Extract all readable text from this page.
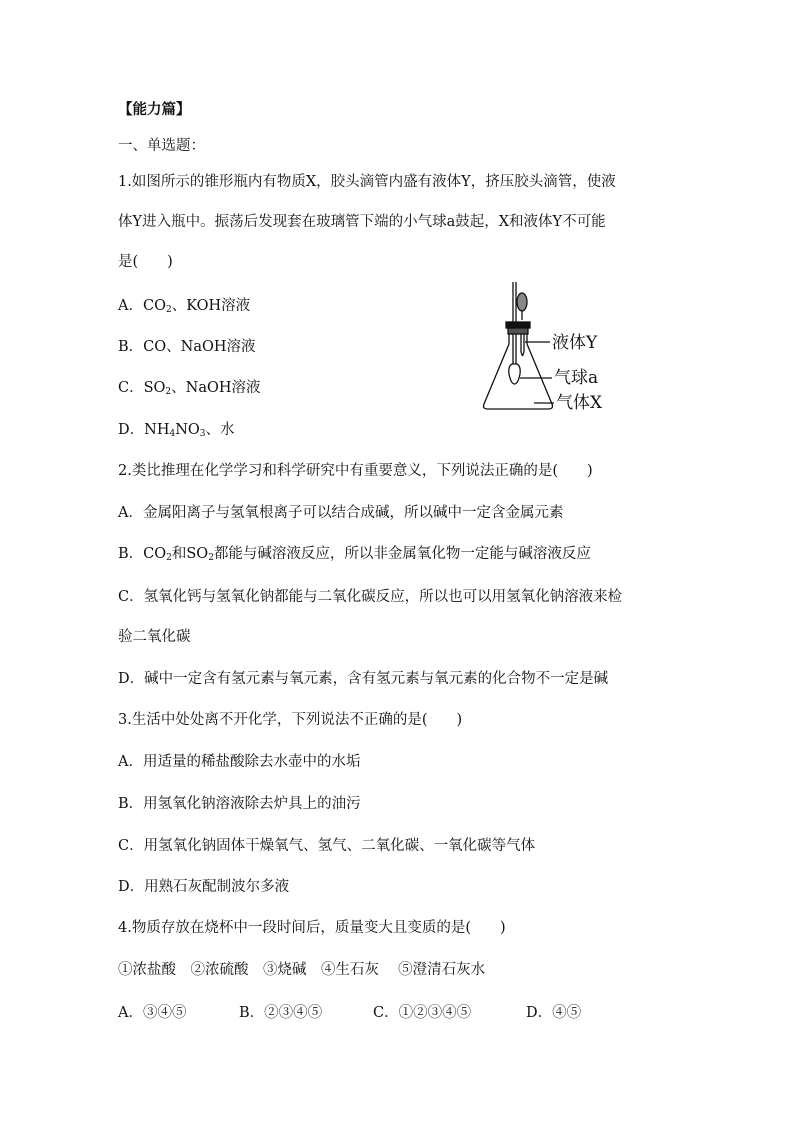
【能力篇】
一、单选题：
1.如图所示的锥形瓶内有物质X，胶头滴管内盛有液体Y，挤压胶头滴管，使液
体Y进入瓶中。振荡后发现套在玻璃管下端的小气球a鼓起，X和液体Y不可能
是(　　)
A．$CO_2$、KOH溶液
B．CO、NaOH溶液
C．$SO_2$、NaOH溶液
D．$NH_4NO_3$、水
液体Y
气球a
气体X
2.类比推理在化学学习和科学研究中有重要意义，下列说法正确的是(　　)
A．金属阳离子与氢氧根离子可以结合成碱，所以碱中一定含金属元素
B．$CO_2$和$SO_2$都能与碱溶液反应，所以非金属氧化物一定能与碱溶液反应
C．氢氧化钙与氢氧化钠都能与二氧化碳反应，所以也可以用氢氧化钠溶液来检
验二氧化碳
D．碱中一定含有氢元素与氧元素，含有氢元素与氧元素的化合物不一定是碱
3.生活中处处离不开化学，下列说法不正确的是(　　)
A．用适量的稀盐酸除去水壶中的水垢
B．用氢氧化钠溶液除去炉具上的油污
C．用氢氧化钠固体干燥氧气、氢气、二氧化碳、一氧化碳等气体
D．用熟石灰配制波尔多液
4.物质存放在烧杯中一段时间后，质量变大且变质的是(　　)
①浓盐酸　②浓硫酸　③烧碱　④生石灰　 ⑤澄清石灰水
A．③④⑤	B．②③④⑤	C．①②③④⑤	D．④⑤
